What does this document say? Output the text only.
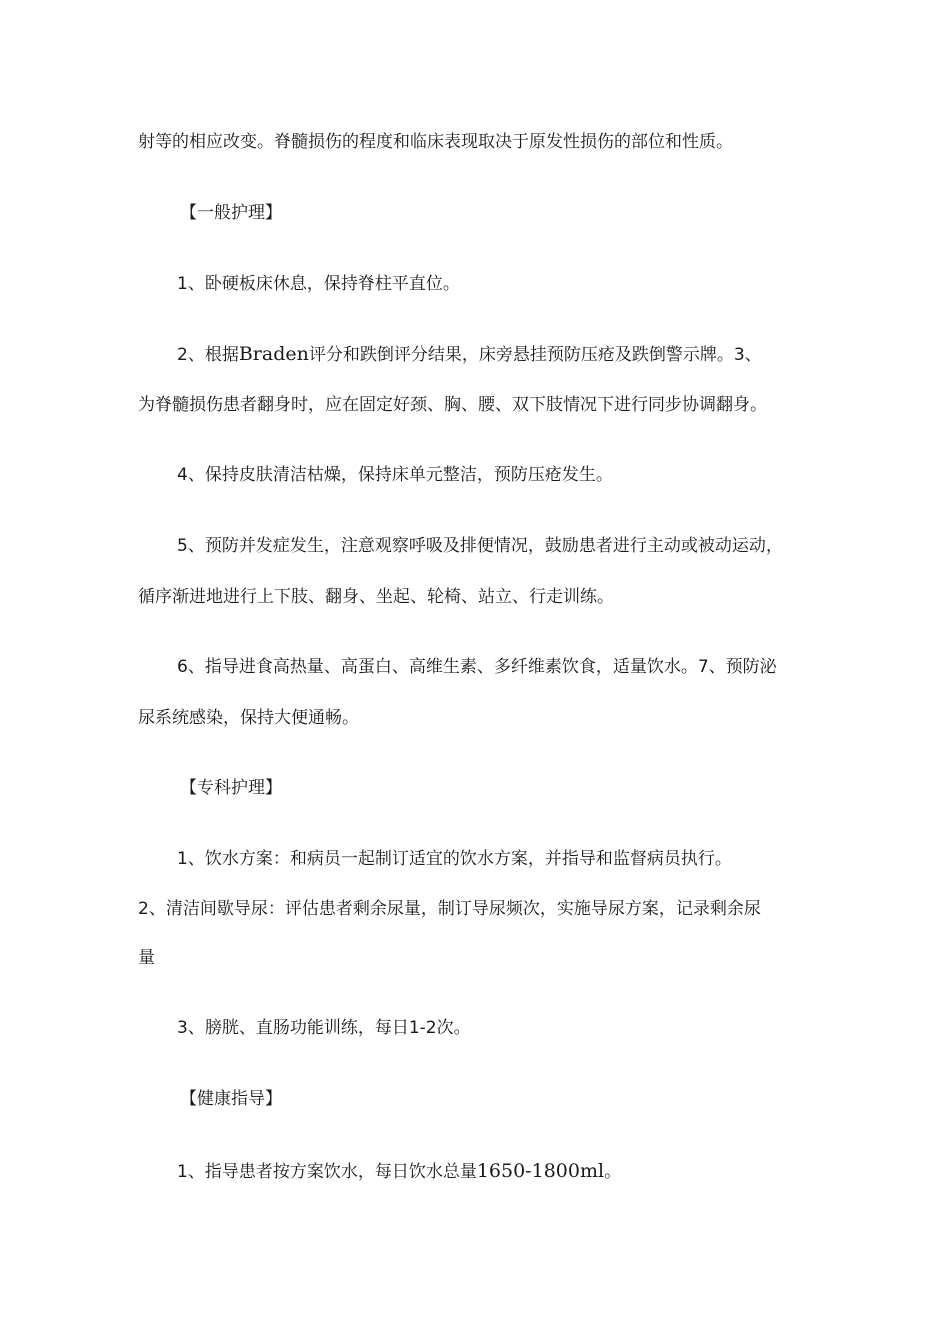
射等的相应改变。脊髓损伤的程度和临床表现取决于原发性损伤的部位和性质。
【一般护理】
1、卧硬板床休息，保持脊柱平直位。
2、根据Braden评分和跌倒评分结果，床旁悬挂预防压疮及跌倒警示牌。3、
为脊髓损伤患者翻身时，应在固定好颈、胸、腰、双下肢情况下进行同步协调翻身。
4、保持皮肤清洁枯燥，保持床单元整洁，预防压疮发生。
5、预防并发症发生，注意观察呼吸及排便情况，鼓励患者进行主动或被动运动，
循序渐进地进行上下肢、翻身、坐起、轮椅、站立、行走训练。
6、指导进食高热量、高蛋白、高维生素、多纤维素饮食，适量饮水。7、预防泌
尿系统感染，保持大便通畅。
【专科护理】
1、饮水方案：和病员一起制订适宜的饮水方案，并指导和监督病员执行。
2、清洁间歇导尿：评估患者剩余尿量，制订导尿频次，实施导尿方案，记录剩余尿
量
3、膀胱、直肠功能训练，每日1-2次。
【健康指导】
1、指导患者按方案饮水，每日饮水总量1650-1800ml。
